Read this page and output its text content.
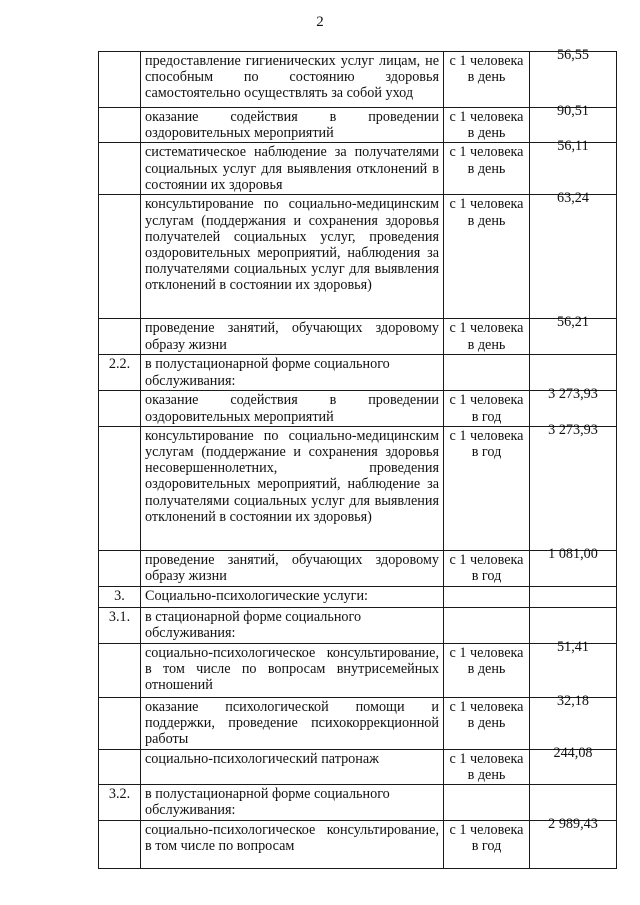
2
	предоставление гигиенических услуг лицам, не способным по состоянию здоровья самостоятельно осуществлять за собой уход	с 1 человека в день	56,55
	оказание содействия в проведении оздоровительных мероприятий	с 1 человека в день	90,51
	систематическое наблюдение за получателями социальных услуг для выявления отклонений в состоянии их здоровья	с 1 человека в день	56,11
	консультирование по социально-медицинским услугам (поддержания и сохранения здоровья получателей социальных услуг, проведения оздоровительных мероприятий, наблюдения за получателями социальных услуг для выявления отклонений в состоянии их здоровья)	с 1 человека в день	63,24
	проведение занятий, обучающих здоровому образу жизни	с 1 человека в день	56,21
2.2.	в полустационарной форме социального обслуживания:		
	оказание содействия в проведении оздоровительных мероприятий	с 1 человека в год	3 273,93
	консультирование по социально-медицинским услугам (поддержание и сохранения здоровья несовершеннолетних, проведения оздоровительных мероприятий, наблюдение за получателями социальных услуг для выявления отклонений в состоянии их здоровья)	с 1 человека в год	3 273,93
	проведение занятий, обучающих здоровому образу жизни	с 1 человека в год	1 081,00
3.	Социально-психологические услуги:		
3.1.	в стационарной форме социального обслуживания:		
	социально-психологическое консультирование, в том числе по вопросам внутрисемейных отношений	с 1 человека в день	51,41
	оказание психологической помощи и поддержки, проведение психокоррекционной работы	с 1 человека в день	32,18
	социально-психологический патронаж	с 1 человека в день	244,08
3.2.	в полустационарной форме социального обслуживания:		
	социально-психологическое консультирование, в том числе по вопросам	с 1 человека в год	2 989,43
